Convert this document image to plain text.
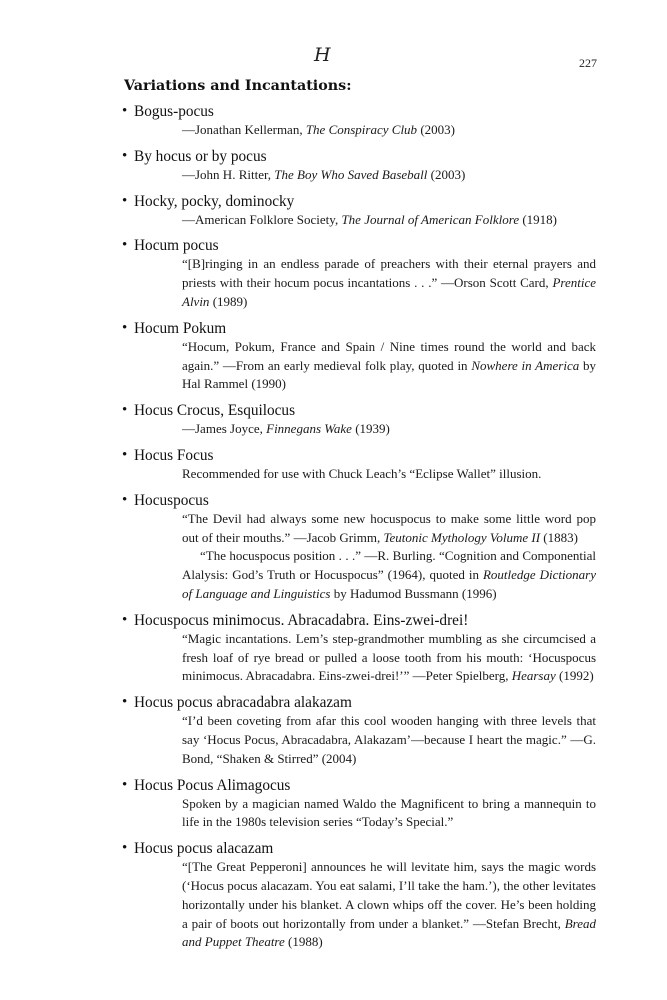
H	227
Variations and Incantations:
• Bogus-pocus

—Jonathan Kellerman, The Conspiracy Club (2003)

• By hocus or by pocus

—John H. Ritter, The Boy Who Saved Baseball (2003)

• Hocky, pocky, dominocky

—American Folklore Society, The Journal of American Folklore (1918)

• Hocum pocus

“[B]ringing in an endless parade of preachers with their eternal prayers and priests with their hocum pocus incantations . . .” —Orson Scott Card, Prentice Alvin (1989)

• Hocum Pokum

“Hocum, Pokum, France and Spain / Nine times round the world and back again.” —From an early medieval folk play, quoted in Nowhere in America by Hal Rammel (1990)

• Hocus Crocus, Esquilocus

—James Joyce, Finnegans Wake (1939)

• Hocus Focus

Recommended for use with Chuck Leach’s “Eclipse Wallet” illusion.

• Hocuspocus

“The Devil had always some new hocuspocus to make some little word pop out of their mouths.” —Jacob Grimm, Teutonic Mythology Volume II (1883)

“The hocuspocus position . . .” —R. Burling. “Cognition and Componential Alalysis: God’s Truth or Hocuspocus” (1964), quoted in Routledge Dictionary of Language and Linguistics by Hadumod Bussmann (1996)

• Hocuspocus minimocus. Abracadabra. Eins-zwei-drei!

“Magic incantations. Lem’s step-grandmother mumbling as she circumcised a fresh loaf of rye bread or pulled a loose tooth from his mouth: ‘Hocuspocus minimocus. Abracadabra. Eins-zwei-drei!’” —Peter Spielberg, Hearsay (1992)

• Hocus pocus abracadabra alakazam

“I’d been coveting from afar this cool wooden hanging with three levels that say ‘Hocus Pocus, Abracadabra, Alakazam’—because I heart the magic.” —G. Bond, “Shaken & Stirred” (2004)

• Hocus Pocus Alimagocus

Spoken by a magician named Waldo the Magnificent to bring a mannequin to life in the 1980s television series “Today’s Special.”

• Hocus pocus alacazam

“[The Great Pepperoni] announces he will levitate him, says the magic words (‘Hocus pocus alacazam. You eat salami, I’ll take the ham.’), the other levitates horizontally under his blanket. A clown whips off the cover. He’s been holding a pair of boots out horizontally from under a blanket.” —Stefan Brecht, Bread and Puppet Theatre (1988)
